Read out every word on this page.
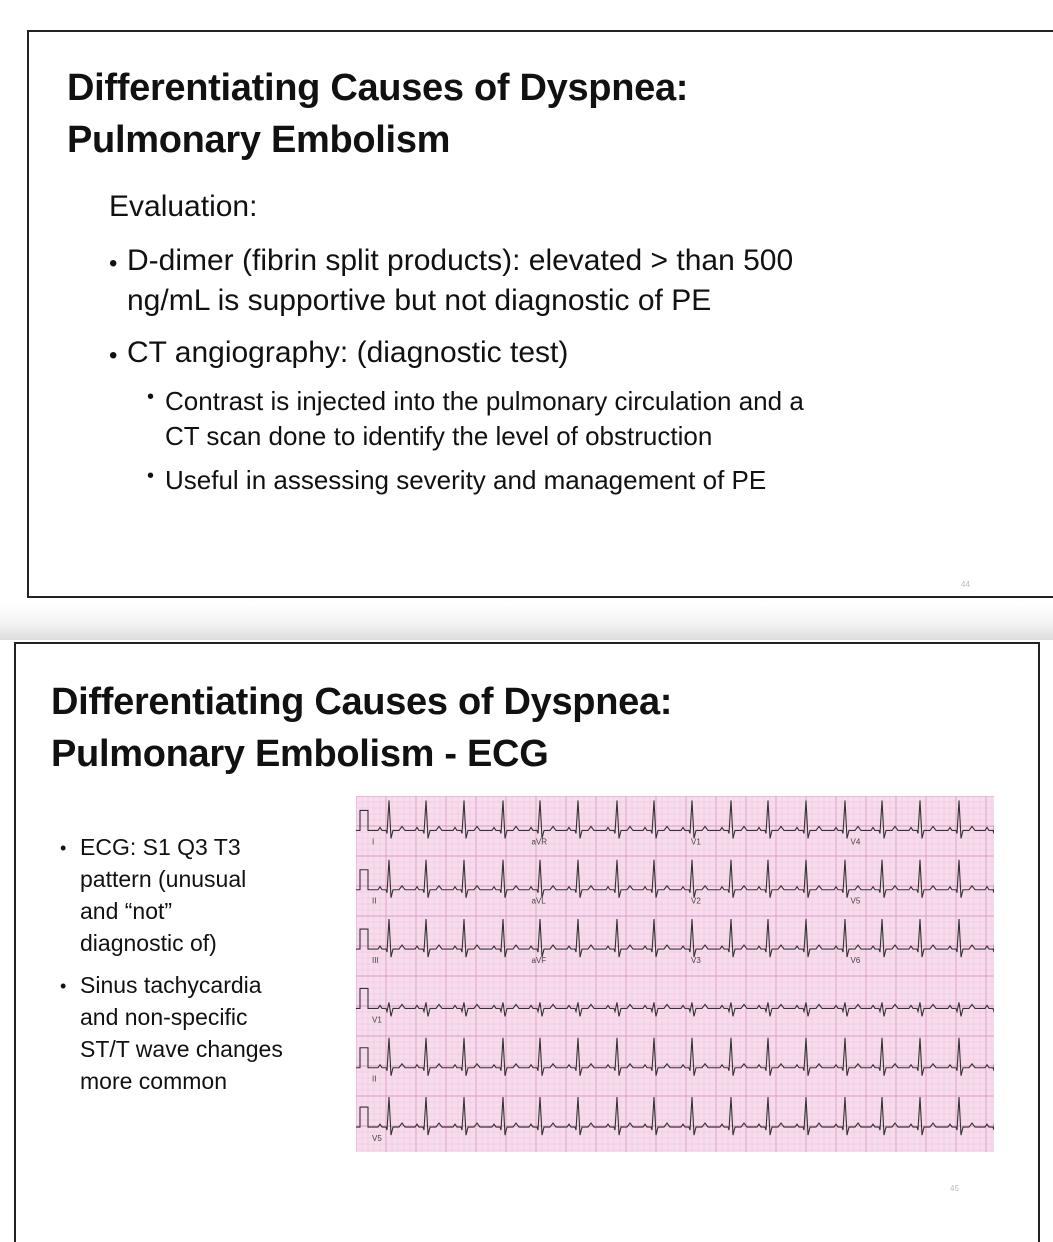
Differentiating Causes of Dyspnea:
Pulmonary Embolism
Evaluation:
• D-dimer (fibrin split products): elevated > than 500
ng/mL is supportive but not diagnostic of PE
• CT angiography: (diagnostic test)
• Contrast is injected into the pulmonary circulation and a
CT scan done to identify the level of obstruction
• Useful in assessing severity and management of PE
44
Differentiating Causes of Dyspnea:
Pulmonary Embolism - ECG
• ECG: S1 Q3 T3
pattern (unusual
and “not”
diagnostic of)
• Sinus tachycardia
and non-specific
ST/T wave changes
more common
I	aVR	V1	V4
II	aVL	V2	V5
III	aVF	V3	V6
V1
II
V5
45
